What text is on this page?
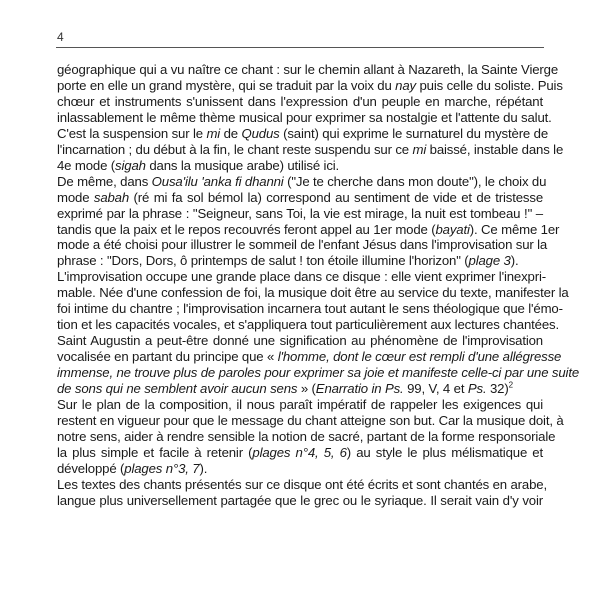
4
géographique qui a vu naître ce chant : sur le chemin allant à Nazareth, la Sainte Vierge
porte en elle un grand mystère, qui se traduit par la voix du nay puis celle du soliste. Puis
chœur et instruments s'unissent dans l'expression d'un peuple en marche, répétant
inlassablement le même thème musical pour exprimer sa nostalgie et l'attente du salut.
C'est la suspension sur le mi de Qudus (saint) qui exprime le surnaturel du mystère de
l'incarnation ; du début à la fin, le chant reste suspendu sur ce mi baissé, instable dans le
4e mode (sigah dans la musique arabe) utilisé ici.
De même, dans Ousa'ilu 'anka fi dhanni ("Je te cherche dans mon doute"), le choix du
mode sabah (ré mi fa sol bémol la) correspond au sentiment de vide et de tristesse
exprimé par la phrase : "Seigneur, sans Toi, la vie est mirage, la nuit est tombeau !" –
tandis que la paix et le repos recouvrés feront appel au 1er mode (bayati). Ce même 1er
mode a été choisi pour illustrer le sommeil de l'enfant Jésus dans l'improvisation sur la
phrase : "Dors, Dors, ô printemps de salut ! ton étoile illumine l'horizon" (plage 3).
L'improvisation occupe une grande place dans ce disque : elle vient exprimer l'inexpri-
mable. Née d'une confession de foi, la musique doit être au service du texte, manifester la
foi intime du chantre ; l'improvisation incarnera tout autant le sens théologique que l'émo-
tion et les capacités vocales, et s'appliquera tout particulièrement aux lectures chantées.
Saint Augustin a peut-être donné une signification au phénomène de l'improvisation
vocalisée en partant du principe que « l'homme, dont le cœur est rempli d'une allégresse
immense, ne trouve plus de paroles pour exprimer sa joie et manifeste celle-ci par une suite
de sons qui ne semblent avoir aucun sens » (Enarratio in Ps. 99, V, 4 et Ps. 32)$^2$
Sur le plan de la composition, il nous paraît impératif de rappeler les exigences qui
restent en vigueur pour que le message du chant atteigne son but. Car la musique doit, à
notre sens, aider à rendre sensible la notion de sacré, partant de la forme responsoriale
la plus simple et facile à retenir (plages n°4, 5, 6) au style le plus mélismatique et
développé (plages n°3, 7).
Les textes des chants présentés sur ce disque ont été écrits et sont chantés en arabe,
langue plus universellement partagée que le grec ou le syriaque. Il serait vain d'y voir
